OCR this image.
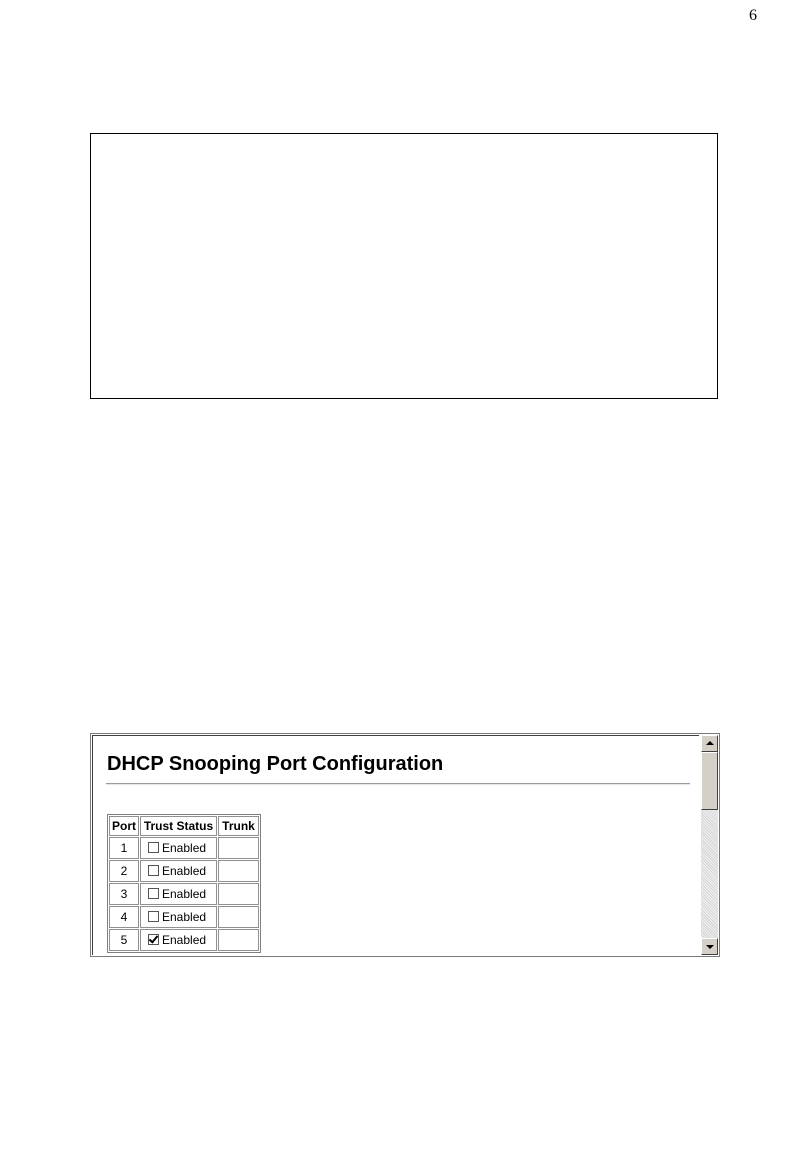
6
DHCP Snooping Port Configuration
Port	Trust Status	Trunk
1	Enabled	
2	Enabled	
3	Enabled	
4	Enabled	
5	Enabled	
